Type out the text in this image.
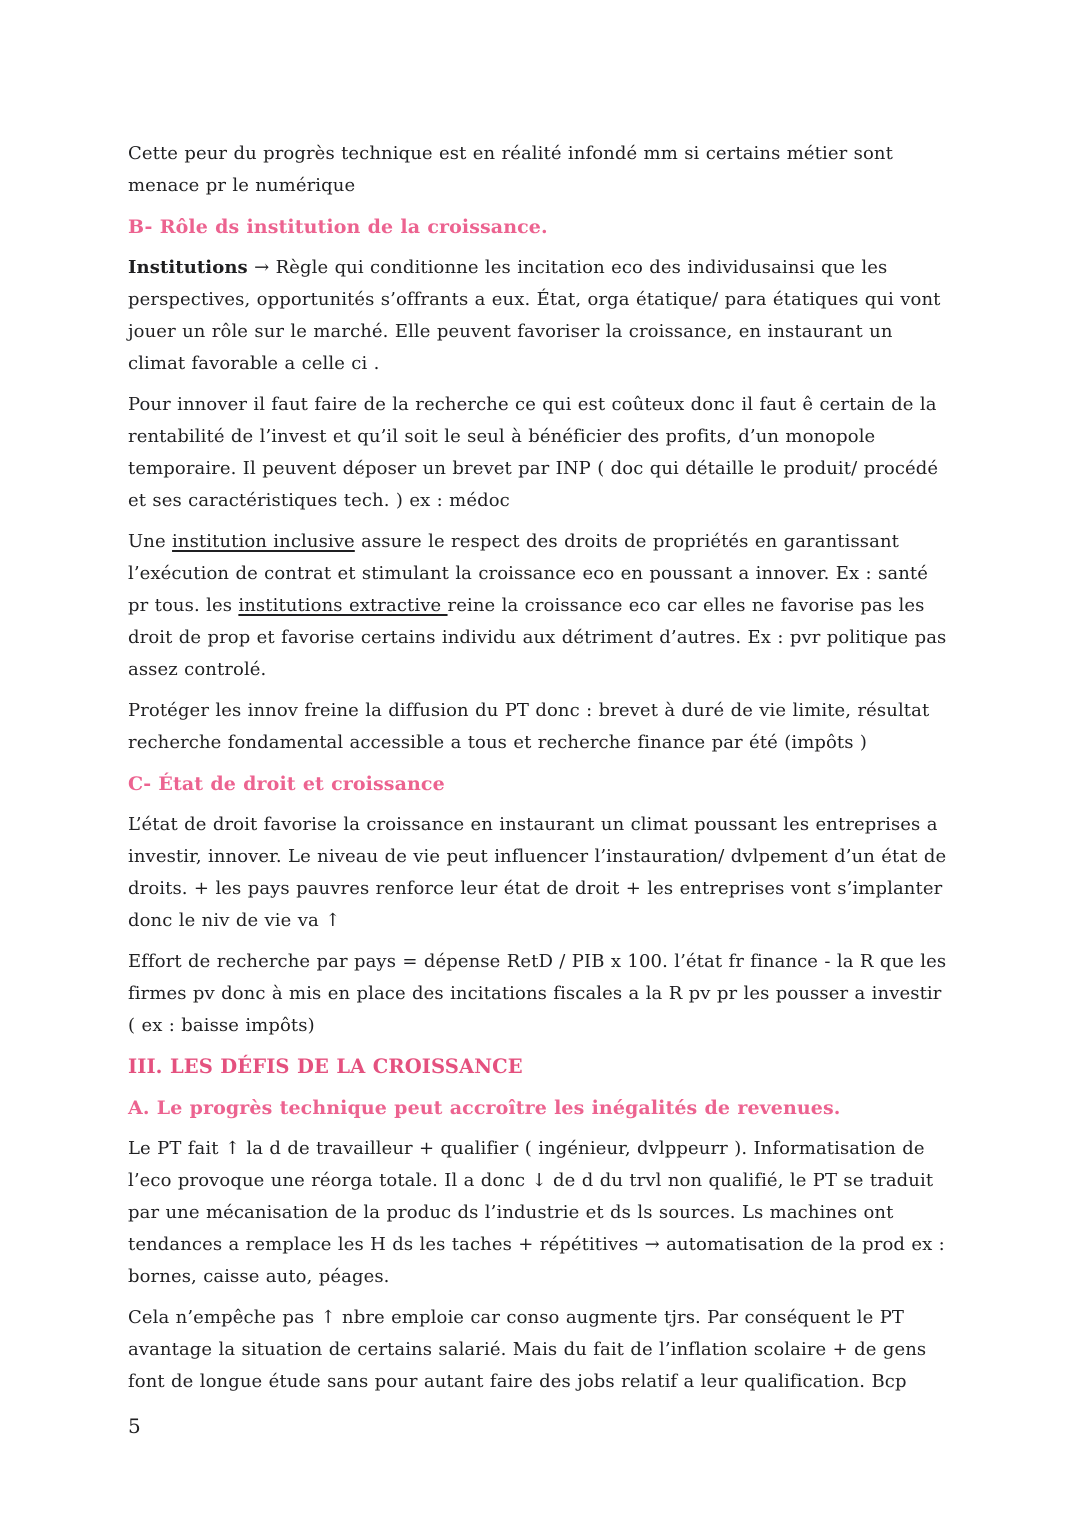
Cette peur du progrès technique est en réalité infondé mm si certains métier sont menace pr le numérique

B- Rôle ds institution de la croissance.

Institutions → Règle qui conditionne les incitation eco des individusainsi que les perspectives, opportunités s’offrants a eux. État, orga étatique/ para étatiques qui vont jouer un rôle sur le marché. Elle peuvent favoriser la croissance, en instaurant un climat favorable a celle ci .

Pour innover il faut faire de la recherche ce qui est coûteux donc il faut ê certain de la rentabilité de l’invest et qu’il soit le seul à bénéficier des profits, d’un monopole temporaire. Il peuvent déposer un brevet par INP ( doc qui détaille le produit/ procédé et ses caractéristiques tech. ) ex : médoc

Une institution inclusive assure le respect des droits de propriétés en garantissant l’exécution de contrat et stimulant la croissance eco en poussant a innover. Ex : santé pr tous. les institutions extractive reine la croissance eco car elles ne favorise pas les droit de prop et favorise certains individu aux détriment d’autres. Ex : pvr politique pas assez controlé.

Protéger les innov freine la diffusion du PT donc : brevet à duré de vie limite, résultat recherche fondamental accessible a tous et recherche finance par été (impôts )

C- État de droit et croissance

L’état de droit favorise la croissance en instaurant un climat poussant les entreprises a investir, innover. Le niveau de vie peut influencer l’instauration/ dvlpement d’un état de droits. + les pays pauvres renforce leur état de droit + les entreprises vont s’implanter donc le niv de vie va ↑

Effort de recherche par pays = dépense RetD / PIB x 100. l’état fr finance - la R que les firmes pv donc à mis en place des incitations fiscales a la R pv pr les pousser a investir ( ex : baisse impôts)

III. LES DÉFIS DE LA CROISSANCE
A. Le progrès technique peut accroître les inégalités de revenues.

Le PT fait ↑ la d de travailleur + qualifier ( ingénieur, dvlppeurr ). Informatisation de l’eco provoque une réorga totale. Il a donc ↓ de d du trvl non qualifié, le PT se traduit par une mécanisation de la produc ds l’industrie et ds ls sources. Ls machines ont tendances a remplace les H ds les taches + répétitives → automatisation de la prod ex : bornes, caisse auto, péages.

Cela n’empêche pas ↑ nbre emploie car conso augmente tjrs. Par conséquent le PT avantage la situation de certains salarié. Mais du fait de l’inflation scolaire + de gens font de longue étude sans pour autant faire des jobs relatif a leur qualification. Bcp

5
